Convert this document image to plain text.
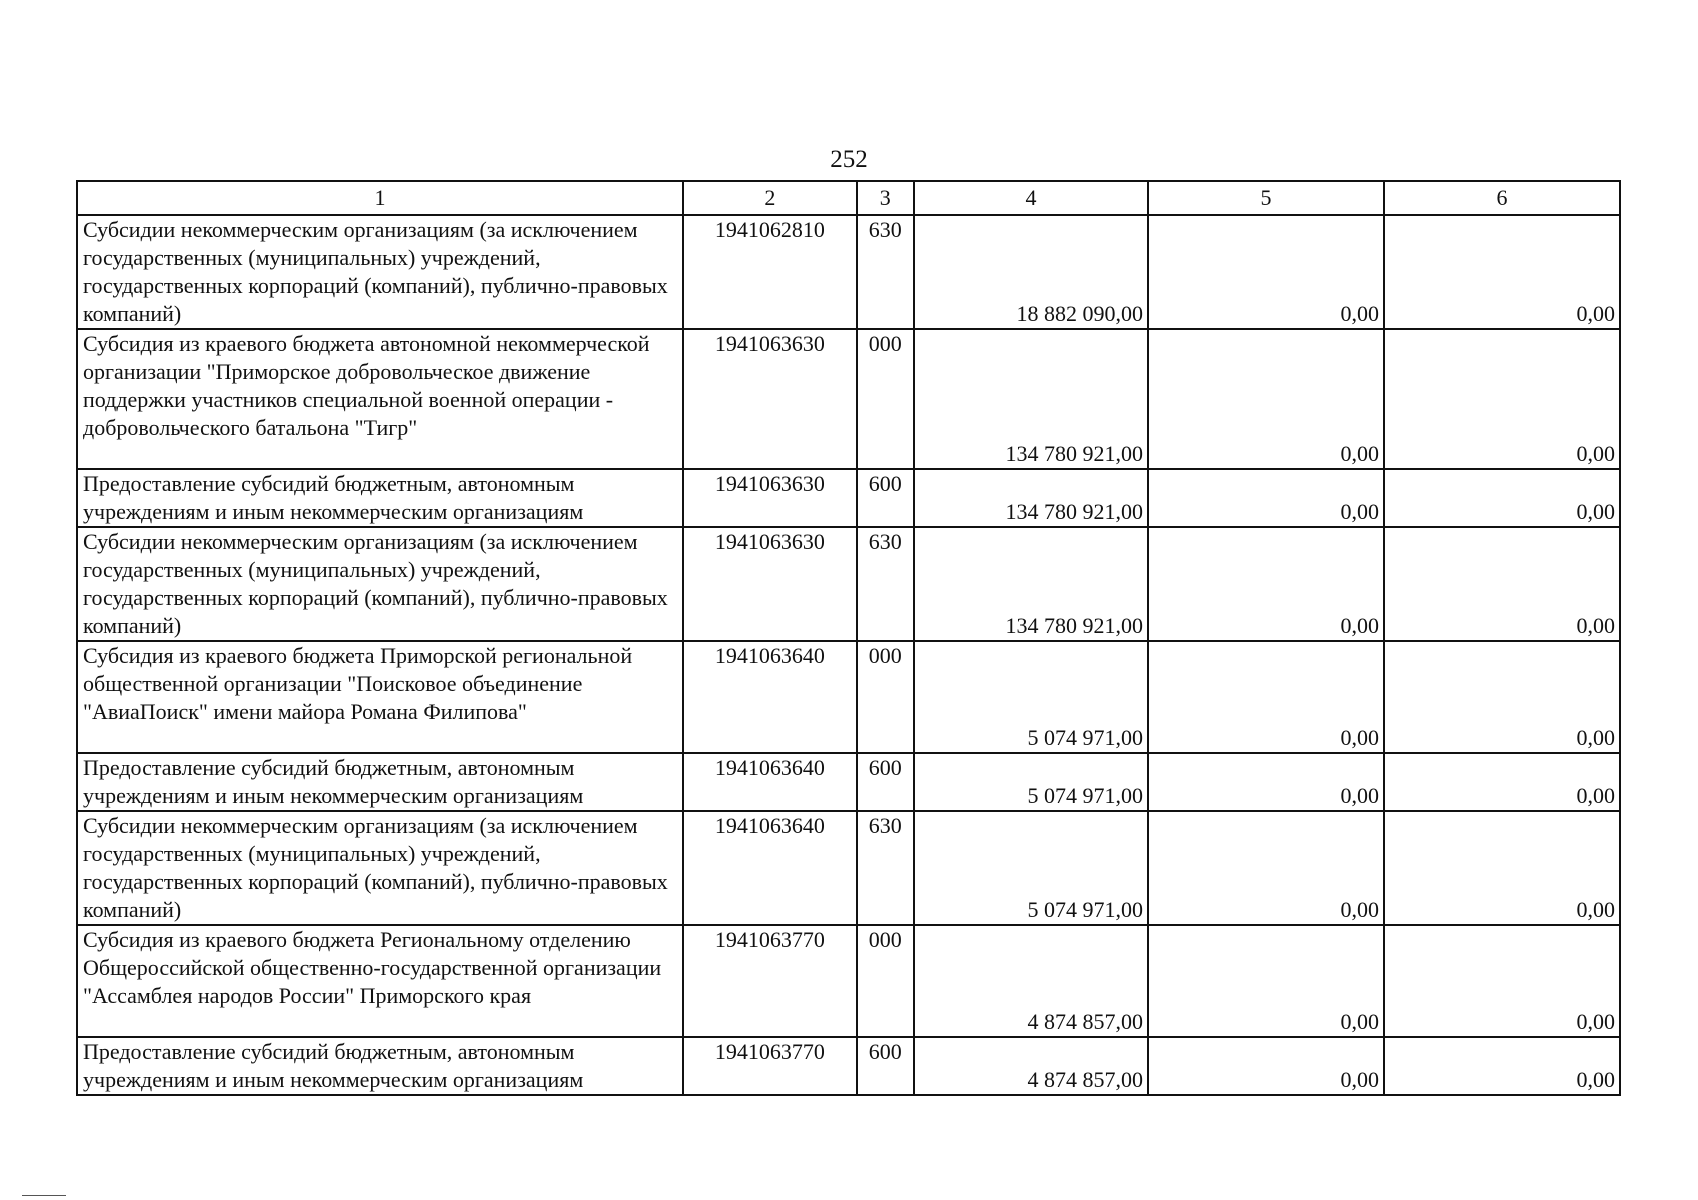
252
1	2	3	4	5	6
Субсидии некоммерческим организациям (за исключением государственных (муниципальных) учреждений, государственных корпораций (компаний), публично-правовых компаний)	1941062810	630	18 882 090,00	0,00	0,00
Субсидия из краевого бюджета автономной некоммерческой организации "Приморское добровольческое движение поддержки участников специальной военной операции - добровольческого батальона "Тигр"	1941063630	000	134 780 921,00	0,00	0,00
Предоставление субсидий бюджетным, автономным учреждениям и иным некоммерческим организациям	1941063630	600	134 780 921,00	0,00	0,00
Субсидии некоммерческим организациям (за исключением государственных (муниципальных) учреждений, государственных корпораций (компаний), публично-правовых компаний)	1941063630	630	134 780 921,00	0,00	0,00
Субсидия из краевого бюджета Приморской региональной общественной организации "Поисковое объединение "АвиаПоиск" имени майора Романа Филипова"	1941063640	000	5 074 971,00	0,00	0,00
Предоставление субсидий бюджетным, автономным учреждениям и иным некоммерческим организациям	1941063640	600	5 074 971,00	0,00	0,00
Субсидии некоммерческим организациям (за исключением государственных (муниципальных) учреждений, государственных корпораций (компаний), публично-правовых компаний)	1941063640	630	5 074 971,00	0,00	0,00
Субсидия из краевого бюджета Региональному отделению Общероссийской общественно-государственной организации "Ассамблея народов России" Приморского края	1941063770	000	4 874 857,00	0,00	0,00
Предоставление субсидий бюджетным, автономным учреждениям и иным некоммерческим организациям	1941063770	600	4 874 857,00	0,00	0,00
